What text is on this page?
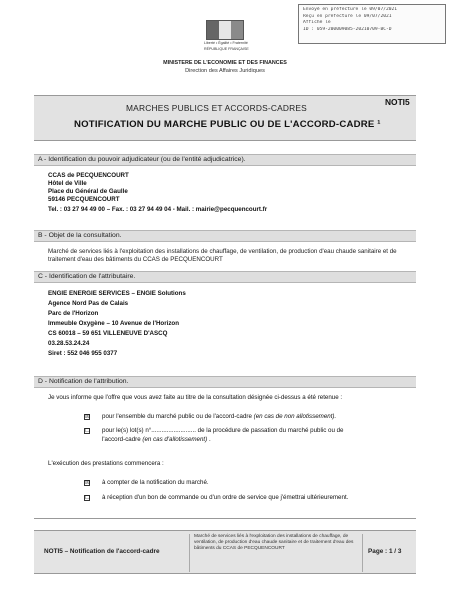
Envoyé en préfecture le 09/07/2021
Reçu en préfecture le 09/07/2021
Affiché le
ID : 059-200009085-20210709-BC-D
Liberté • Égalité • Fraternité
RÉPUBLIQUE FRANÇAISE
MINISTERE DE L'ECONOMIE ET DES FINANCES
Direction des Affaires Juridiques
MARCHES PUBLICS ET ACCORDS-CADRES
NOTIFICATION DU MARCHE PUBLIC OU DE L'ACCORD-CADRE ¹
NOTI5
A - Identification du pouvoir adjudicateur (ou de l'entité adjudicatrice).
CCAS de PECQUENCOURT
Hôtel de Ville
Place du Général de Gaulle
59146 PECQUENCOURT
Tel. : 03 27 94 49 00 – Fax. : 03 27 94 49 04 - Mail. : mairie@pecquencourt.fr
B - Objet de la consultation.
Marché de services liés à l'exploitation des installations de chauffage, de ventilation, de production d'eau chaude sanitaire et de traitement d'eau des bâtiments du CCAS de PECQUENCOURT
C - Identification de l'attributaire.
ENGIE ENERGIE SERVICES – ENGIE Solutions
Agence Nord Pas de Calais
Parc de l'Horizon
Immeuble Oxygène – 10 Avenue de l'Horizon
CS 60018 – 59 651 VILLENEUVE D'ASCQ
03.28.53.24.24
Siret : 552 046 955 0377
D - Notification de l'attribution.
Je vous informe que l'offre que vous avez faite au titre de la consultation désignée ci-dessus a été retenue :
☒ pour l'ensemble du marché public ou de l'accord-cadre (en cas de non allotissement).
☐ pour le(s) lot(s) n°.......................... de la procédure de passation du marché public ou de
l'accord-cadre (en cas d'allotissement) .
L'exécution des prestations commencera :
☒ à compter de la notification du marché.
☐ à réception d'un bon de commande ou d'un ordre de service que j'émettrai ultérieurement.
NOTI5 – Notification de l'accord-cadre
Marché de services liés à l'exploitation des installations de chauffage, de ventilation, de production d'eau chaude sanitaire et de traitement d'eau des bâtiments du CCAS de PECQUENCOURT	Page : 1 / 3
